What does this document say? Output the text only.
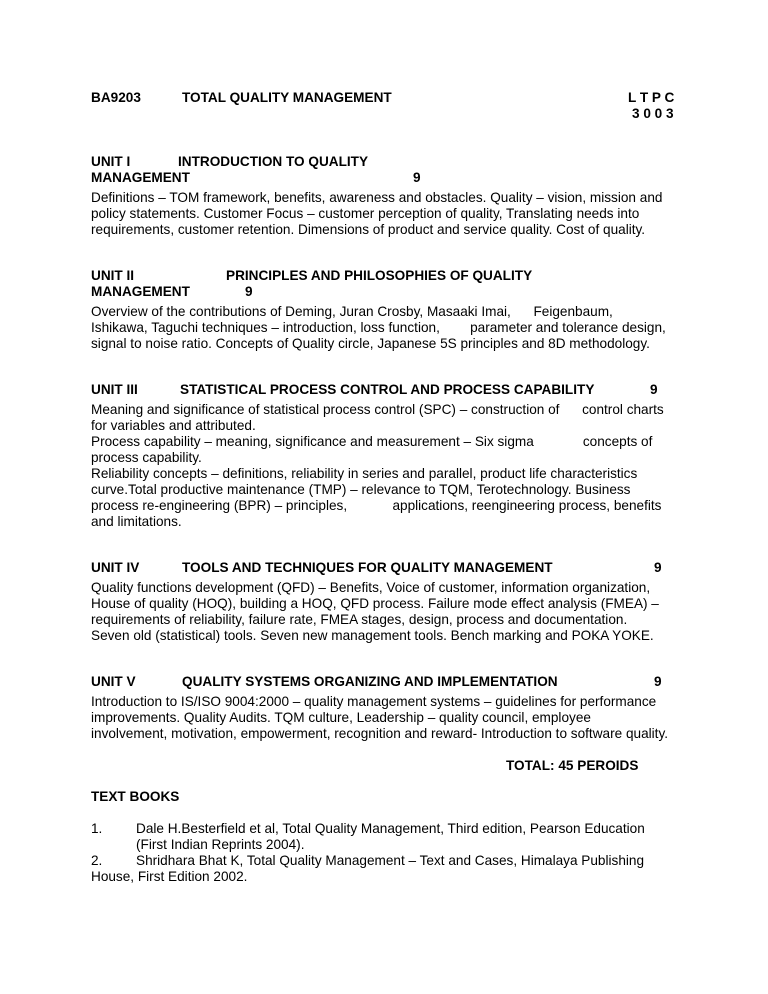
BA9203	TOTAL QUALITY MANAGEMENT	L T P C
3 0 0 3
UNIT I	INTRODUCTION TO QUALITY
MANAGEMENT	9
Definitions – TOM framework, benefits, awareness and obstacles. Quality – vision, mission and
policy statements. Customer Focus – customer perception of quality, Translating needs into
requirements, customer retention. Dimensions of product and service quality. Cost of quality.
UNIT II	PRINCIPLES AND PHILOSOPHIES OF QUALITY
MANAGEMENT	9
Overview of the contributions of Deming, Juran Crosby, Masaaki Imai,      Feigenbaum,
Ishikawa, Taguchi techniques – introduction, loss function,        parameter and tolerance design,
signal to noise ratio. Concepts of Quality circle, Japanese 5S principles and 8D methodology.
UNIT III	STATISTICAL PROCESS CONTROL AND PROCESS CAPABILITY	9
Meaning and significance of statistical process control (SPC) – construction of      control charts
for variables and attributed.
Process capability – meaning, significance and measurement – Six sigma             concepts of
process capability.
Reliability concepts – definitions, reliability in series and parallel, product life characteristics
curve.Total productive maintenance (TMP) – relevance to TQM, Terotechnology. Business
process re-engineering (BPR) – principles,            applications, reengineering process, benefits
and limitations.
UNIT IV	TOOLS AND TECHNIQUES FOR QUALITY MANAGEMENT	9
Quality functions development (QFD) – Benefits, Voice of customer, information organization,
House of quality (HOQ), building a HOQ, QFD process. Failure mode effect analysis (FMEA) –
requirements of reliability, failure rate, FMEA stages, design, process and documentation.
Seven old (statistical) tools. Seven new management tools. Bench marking and POKA YOKE.
UNIT V	QUALITY SYSTEMS ORGANIZING AND IMPLEMENTATION	9
Introduction to IS/ISO 9004:2000 – quality management systems – guidelines for performance
improvements. Quality Audits. TQM culture, Leadership – quality council, employee
involvement, motivation, empowerment, recognition and reward- Introduction to software quality.
TOTAL: 45 PEROIDS
TEXT BOOKS
1. Dale H.Besterfield et al, Total Quality Management, Third edition, Pearson Education
(First Indian Reprints 2004).
2. Shridhara Bhat K, Total Quality Management – Text and Cases, Himalaya Publishing
House, First Edition 2002.
